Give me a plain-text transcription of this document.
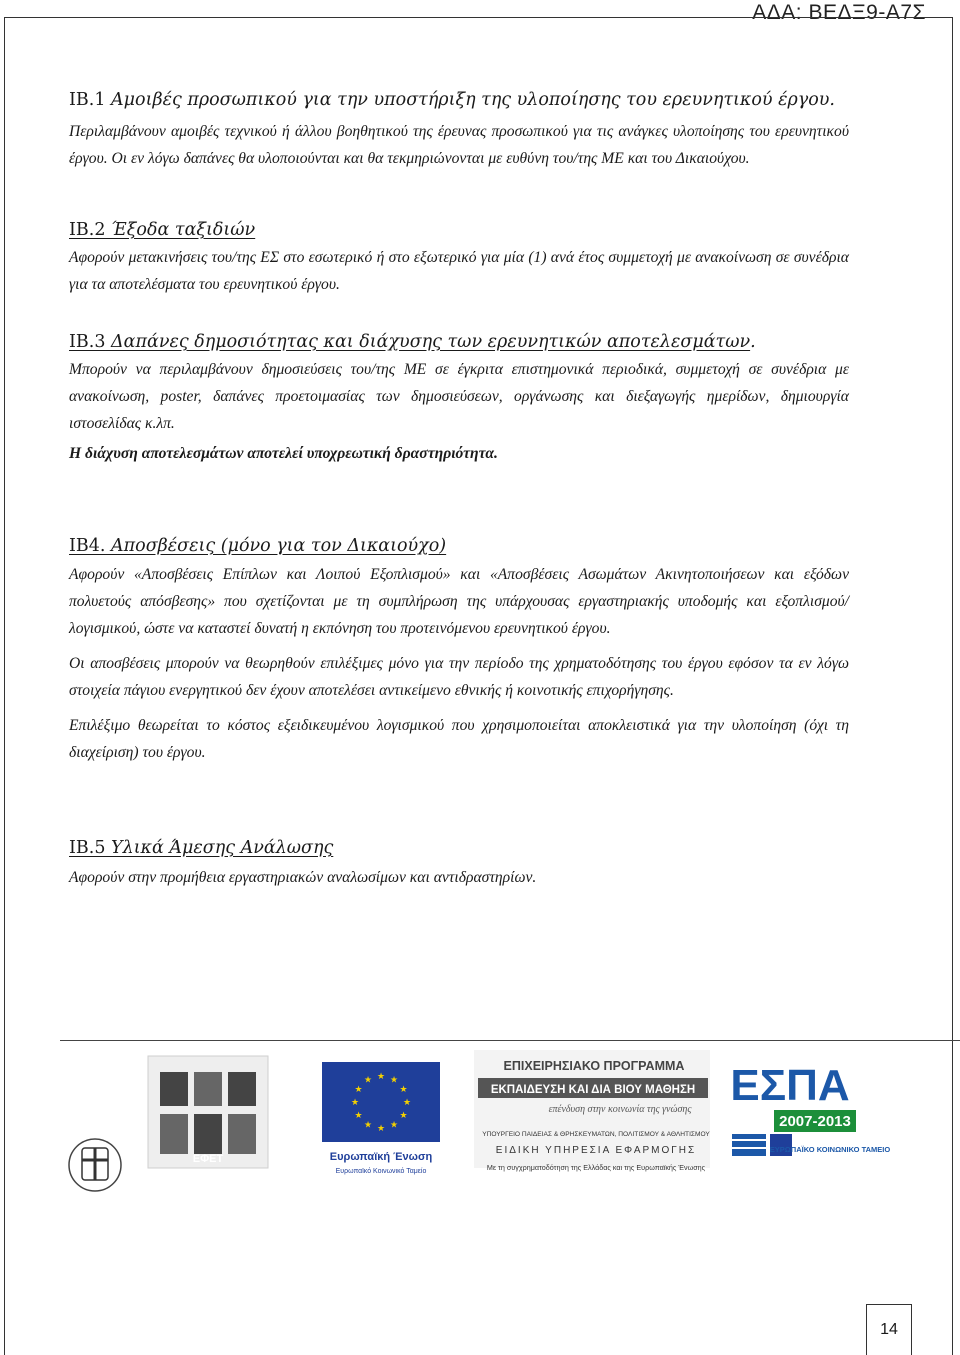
ΑΔΑ: ΒΕΔΞ9-Α7Σ
ΙΒ.1 Αμοιβές προσωπικού για την υποστήριξη της υλοποίησης του ερευνητικού έργου.

Περιλαμβάνουν αμοιβές τεχνικού ή άλλου βοηθητικού της έρευνας προσωπικού για τις ανάγκες υλοποίησης του ερευνητικού έργου. Οι εν λόγω δαπάνες θα υλοποιούνται και θα τεκμηριώνονται με ευθύνη του/της ΜΕ και του Δικαιούχου.

ΙΒ.2 Έξοδα ταξιδιών

Αφορούν μετακινήσεις του/της ΕΣ στο εσωτερικό ή στο εξωτερικό για μία (1) ανά έτος συμμετοχή με ανακοίνωση σε συνέδρια για τα αποτελέσματα του ερευνητικού έργου.

ΙΒ.3 Δαπάνες δημοσιότητας και διάχυσης των ερευνητικών αποτελεσμάτων.

Μπορούν να περιλαμβάνουν δημοσιεύσεις του/της ΜΕ σε έγκριτα επιστημονικά περιοδικά, συμμετοχή σε συνέδρια με ανακοίνωση, poster, δαπάνες προετοιμασίας των δημοσιεύσεων, οργάνωσης και διεξαγωγής ημερίδων, δημιουργία ιστοσελίδας κ.λπ.

Η διάχυση αποτελεσμάτων αποτελεί υποχρεωτική δραστηριότητα.

ΙΒ4. Αποσβέσεις (μόνο για τον Δικαιούχο)

Αφορούν «Αποσβέσεις Επίπλων και Λοιπού Εξοπλισμού» και «Αποσβέσεις Ασωμάτων Ακινητοποιήσεων και εξόδων πολυετούς απόσβεσης» που σχετίζονται με τη συμπλήρωση της υπάρχουσας εργαστηριακής υποδομής και εξοπλισμού/λογισμικού, ώστε να καταστεί δυνατή η εκπόνηση του προτεινόμενου ερευνητικού έργου.

Οι αποσβέσεις μπορούν να θεωρηθούν επιλέξιμες μόνο για την περίοδο της χρηματοδότησης του έργου εφόσον τα εν λόγω στοιχεία πάγιου ενεργητικού δεν έχουν αποτελέσει αντικείμενο εθνικής ή κοινοτικής επιχορήγησης.

Επιλέξιμο θεωρείται το κόστος εξειδικευμένου λογισμικού που χρησιμοποιείται αποκλειστικά για την υλοποίηση (όχι τη διαχείριση) του έργου.

ΙΒ.5 Υλικά Άμεσης Ανάλωσης

Αφορούν στην προμήθεια εργαστηριακών αναλωσίμων και αντιδραστηρίων.

ΕΦΕΤ
★
★
★
★
★
★
★
★
★ ★ ★
★
Ευρωπαϊκή Ένωση
Ευρωπαϊκό Κοινωνικό Ταμείο
ΕΠΙΧΕΙΡΗΣΙΑΚΟ ΠΡΟΓΡΑΜΜΑ
ΕΚΠΑΙΔΕΥΣΗ ΚΑΙ ΔΙΑ ΒΙΟΥ ΜΑΘΗΣΗ
επένδυση στην κοινωνία της γνώσης
ΥΠΟΥΡΓΕΙΟ ΠΑΙΔΕΙΑΣ & ΘΡΗΣΚΕΥΜΑΤΩΝ, ΠΟΛΙΤΙΣΜΟΥ & ΑΘΛΗΤΙΣΜΟΥ
ΕΙΔΙΚΗ ΥΠΗΡΕΣΙΑ ΕΦΑΡΜΟΓΗΣ
Με τη συγχρηματοδότηση της Ελλάδας και της Ευρωπαϊκής Ένωσης
ΕΣΠΑ
2007-2013
ΕΥΡΩΠΑΪΚΟ ΚΟΙΝΩΝΙΚΟ ΤΑΜΕΙΟ
14
